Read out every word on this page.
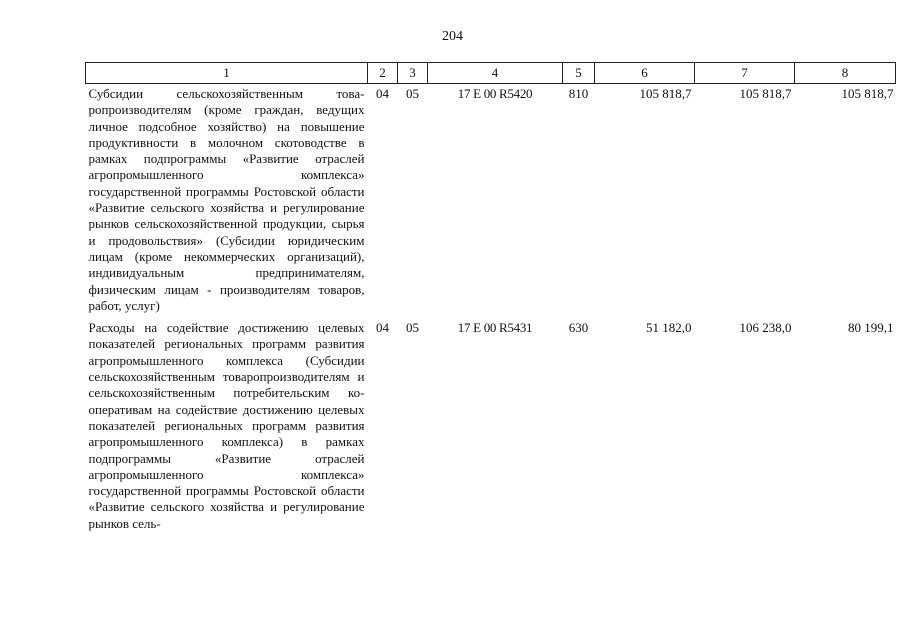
204
1	2	3	4	5	6	7	8
Субсидии сельскохозяйственным товаропроизводителям (кроме граждан, ведущих личное подсобное хозяйство) на повышение продуктивности в молочном скотоводстве в рамках подпрограммы «Развитие отраслей агропромышленного комплекса» государственной программы Ростовской области «Развитие сельского хозяйства и регулирование рынков сельскохозяйственной продукции, сырья и продовольствия» (Субсидии юридическим лицам (кроме некоммерческих организаций), индивидуальным предпринимателям, физическим лицам - производителям товаров, работ, услуг)	04	05	17 E 00 R5420	810	105 818,7	105 818,7	105 818,7
Расходы на содействие достижению целевых показателей региональных программ развития агропромышленного комплекса (Субсидии сельскохозяйственным товаропроизводителям и сельскохозяйственным потребительским кооперативам на содействие достижению целевых показателей региональных программ развития агропромышленного комплекса) в рамках подпрограммы «Развитие отраслей агропромышленного комплекса» государственной программы Ростовской области «Развитие сельского хозяйства и регулирование рынков сель-	04	05	17 E 00 R5431	630	51 182,0	106 238,0	80 199,1
